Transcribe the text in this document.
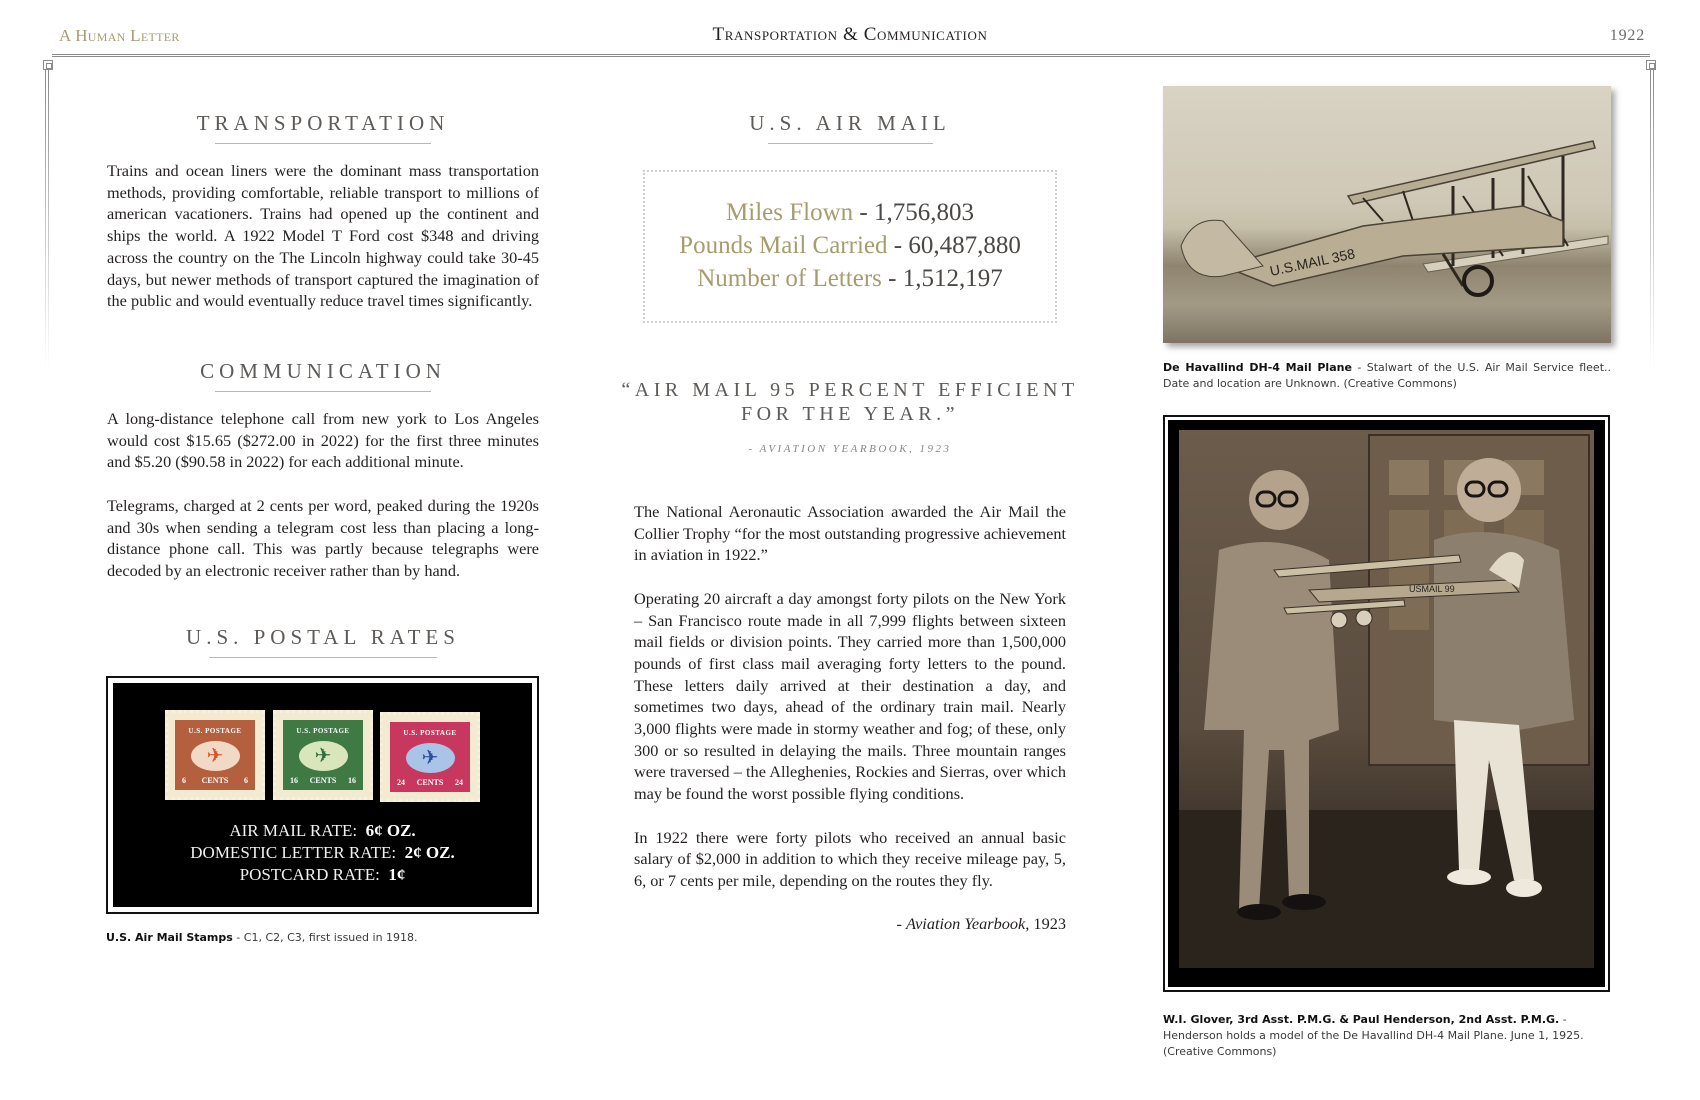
A Human Letter	Transportation & Communication	1922
TRANSPORTATION

Trains and ocean liners were the dominant mass transportation methods, providing comfortable, reliable transport to millions of american vacationers. Trains had opened up the continent and ships the world. A 1922 Model T Ford cost $348 and driving across the country on the The Lincoln highway could take 30-45 days, but newer methods of transport captured the imagination of the public and would eventually reduce travel times significantly.

COMMUNICATION

A long-distance telephone call from new york to Los Angeles would cost $15.65 ($272.00 in 2022) for the first three minutes and $5.20 ($90.58 in 2022) for each additional minute.

Telegrams, charged at 2 cents per word, peaked during the 1920s and 30s when sending a telegram cost less than placing a long-distance phone call. This was partly because telegraphs were decoded by an electronic receiver rather than by hand.

U.S. POSTAL RATES
U.S. POSTAGE
✈
6 CENTS 6
U.S. POSTAGE
✈
16 CENTS 16
U.S. POSTAGE
✈
24 CENTS 24
AIR MAIL RATE: 6¢ OZ.
DOMESTIC LETTER RATE: 2¢ OZ.
POSTCARD RATE: 1¢
U.S. Air Mail Stamps - C1, C2, C3, first issued in 1918.
U.S. AIR MAIL
Miles Flown - 1,756,803
Pounds Mail Carried - 60,487,880
Number of Letters - 1,512,197
“AIR MAIL 95 PERCENT EFFICIENT FOR THE YEAR.”
- AVIATION YEARBOOK, 1923

The National Aeronautic Association awarded the Air Mail the Collier Trophy “for the most outstanding progressive achievement in aviation in 1922.”

Operating 20 aircraft a day amongst forty pilots on the New York – San Francisco route made in all 7,999 flights between sixteen mail fields or division points. They carried more than 1,500,000 pounds of first class mail averaging forty letters to the pound. These letters daily arrived at their destination a day, and sometimes two days, ahead of the ordinary train mail. Nearly 3,000 flights were made in stormy weather and fog; of these, only 300 or so resulted in delaying the mails. Three mountain ranges were traversed – the Alleghenies, Rockies and Sierras, over which may be found the worst possible flying conditions.

In 1922 there were forty pilots who received an annual basic salary of $2,000 in addition to which they receive mileage pay, 5, 6, or 7 cents per mile, depending on the routes they fly.

- Aviation Yearbook, 1923

U.S.MAIL 358
De Havallind DH-4 Mail Plane - Stalwart of the U.S. Air Mail Service fleet.. Date and location are Unknown. (Creative Commons)
USMAIL 99
W.I. Glover, 3rd Asst. P.M.G. & Paul Henderson, 2nd Asst. P.M.G. - Henderson holds a model of the De Havallind DH-4 Mail Plane. June 1, 1925. (Creative Commons)
